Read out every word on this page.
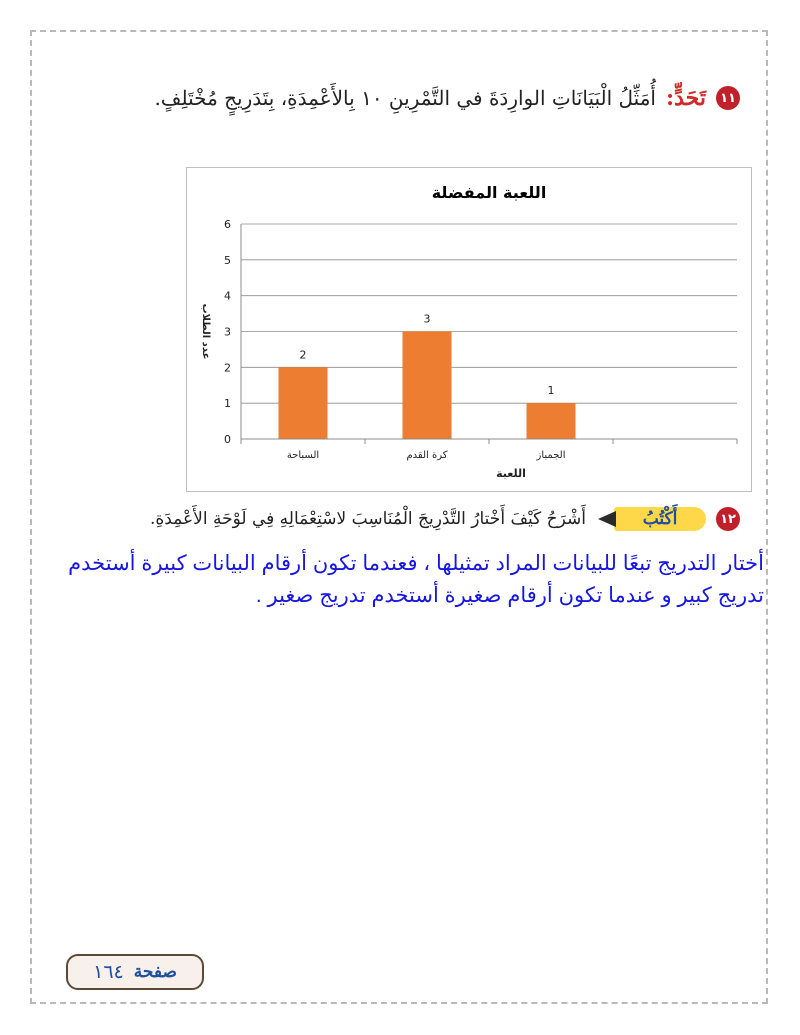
١١
تَحَدٍّ:
أُمَثِّلُ الْبَيَانَاتِ الوارِدَةَ في التَّمْرِينِ ١٠ بِالأَعْمِدَةِ، بِتَدَرِيجٍ مُخْتَلِفٍ.
اللعبة المفضلة
0
1
2
3
4
5
6
السباحة
2
كرة القدم
3
الجمباز
1
اللعبة
عدد الطلاب
١٢
أَكْتُبُ
أَشْرَحُ كَيْفَ أَخْتارُ التَّدْرِيجَ الْمُنَاسِبَ لاسْتِعْمَالِهِ فِي لَوْحَةِ الأَعْمِدَةِ.
أختار التدريج تبعًا للبيانات المراد تمثيلها ، فعندما تكون أرقام البيانات كبيرة أستخدم
تدريج كبير و عندما تكون أرقام صغيرة أستخدم تدريج صغير .
صفحة
١٦٤
